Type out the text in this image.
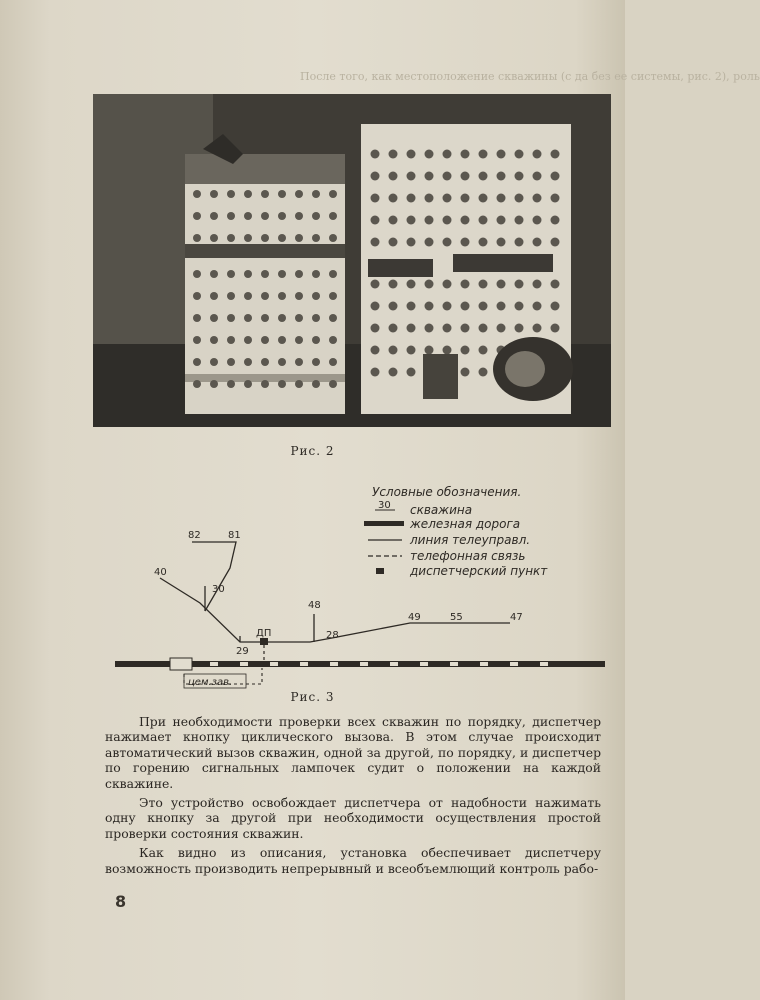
После того, как местоположение скважины (с да без ее системы, рис. 2), роль
Рис. 2
Условные обозначения.
30 скважина
железная дорога
линия телеуправл.
телефонная связь
диспетчерский пункт
цем.зав.
82	81
40
30
29
ДП
48
28
49	55	47
Рис. 3

При необходимости проверки всех скважин по порядку, диспетчер нажимает кнопку циклического вызова. В этом случае происходит автоматический вызов скважин, одной за другой, по порядку, и диспетчер по горению сигнальных лампочек судит о положении на каждой скважине.

Это устройство освобождает диспетчера от надобности нажимать одну кнопку за другой при необходимости осуществления простой проверки состояния скважин.

Как видно из описания, установка обеспечивает диспетчеру возможность производить непрерывный и всеобъемлющий контроль рабо-

8
